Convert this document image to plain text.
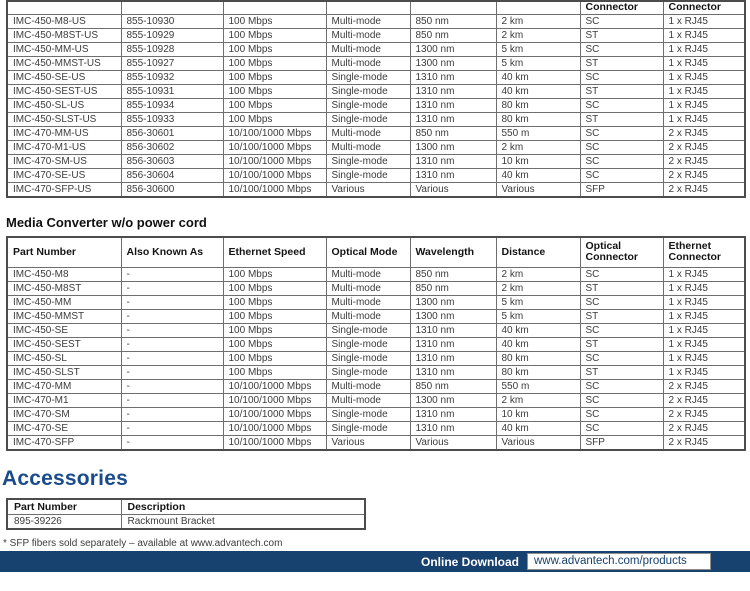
						Connector	Connector
IMC-450-M8-US	855-10930	100 Mbps	Multi-mode	850 nm	2 km	SC	1 x RJ45
IMC-450-M8ST-US	855-10929	100 Mbps	Multi-mode	850 nm	2 km	ST	1 x RJ45
IMC-450-MM-US	855-10928	100 Mbps	Multi-mode	1300 nm	5 km	SC	1 x RJ45
IMC-450-MMST-US	855-10927	100 Mbps	Multi-mode	1300 nm	5 km	ST	1 x RJ45
IMC-450-SE-US	855-10932	100 Mbps	Single-mode	1310 nm	40 km	SC	1 x RJ45
IMC-450-SEST-US	855-10931	100 Mbps	Single-mode	1310 nm	40 km	ST	1 x RJ45
IMC-450-SL-US	855-10934	100 Mbps	Single-mode	1310 nm	80 km	SC	1 x RJ45
IMC-450-SLST-US	855-10933	100 Mbps	Single-mode	1310 nm	80 km	ST	1 x RJ45
IMC-470-MM-US	856-30601	10/100/1000 Mbps	Multi-mode	850 nm	550 m	SC	2 x RJ45
IMC-470-M1-US	856-30602	10/100/1000 Mbps	Multi-mode	1300 nm	2 km	SC	2 x RJ45
IMC-470-SM-US	856-30603	10/100/1000 Mbps	Single-mode	1310 nm	10 km	SC	2 x RJ45
IMC-470-SE-US	856-30604	10/100/1000 Mbps	Single-mode	1310 nm	40 km	SC	2 x RJ45
IMC-470-SFP-US	856-30600	10/100/1000 Mbps	Various	Various	Various	SFP	2 x RJ45
Media Converter w/o power cord
Part Number	Also Known As	Ethernet Speed	Optical Mode	Wavelength	Distance	Optical Connector	Ethernet Connector
IMC-450-M8	-	100 Mbps	Multi-mode	850 nm	2 km	SC	1 x RJ45
IMC-450-M8ST	-	100 Mbps	Multi-mode	850 nm	2 km	ST	1 x RJ45
IMC-450-MM	-	100 Mbps	Multi-mode	1300 nm	5 km	SC	1 x RJ45
IMC-450-MMST	-	100 Mbps	Multi-mode	1300 nm	5 km	ST	1 x RJ45
IMC-450-SE	-	100 Mbps	Single-mode	1310 nm	40 km	SC	1 x RJ45
IMC-450-SEST	-	100 Mbps	Single-mode	1310 nm	40 km	ST	1 x RJ45
IMC-450-SL	-	100 Mbps	Single-mode	1310 nm	80 km	SC	1 x RJ45
IMC-450-SLST	-	100 Mbps	Single-mode	1310 nm	80 km	ST	1 x RJ45
IMC-470-MM	-	10/100/1000 Mbps	Multi-mode	850 nm	550 m	SC	2 x RJ45
IMC-470-M1	-	10/100/1000 Mbps	Multi-mode	1300 nm	2 km	SC	2 x RJ45
IMC-470-SM	-	10/100/1000 Mbps	Single-mode	1310 nm	10 km	SC	2 x RJ45
IMC-470-SE	-	10/100/1000 Mbps	Single-mode	1310 nm	40 km	SC	2 x RJ45
IMC-470-SFP	-	10/100/1000 Mbps	Various	Various	Various	SFP	2 x RJ45
Accessories
Part Number	Description
895-39226	Rackmount Bracket
* SFP fibers sold separately – available at www.advantech.com
Online Download www.advantech.com/products
